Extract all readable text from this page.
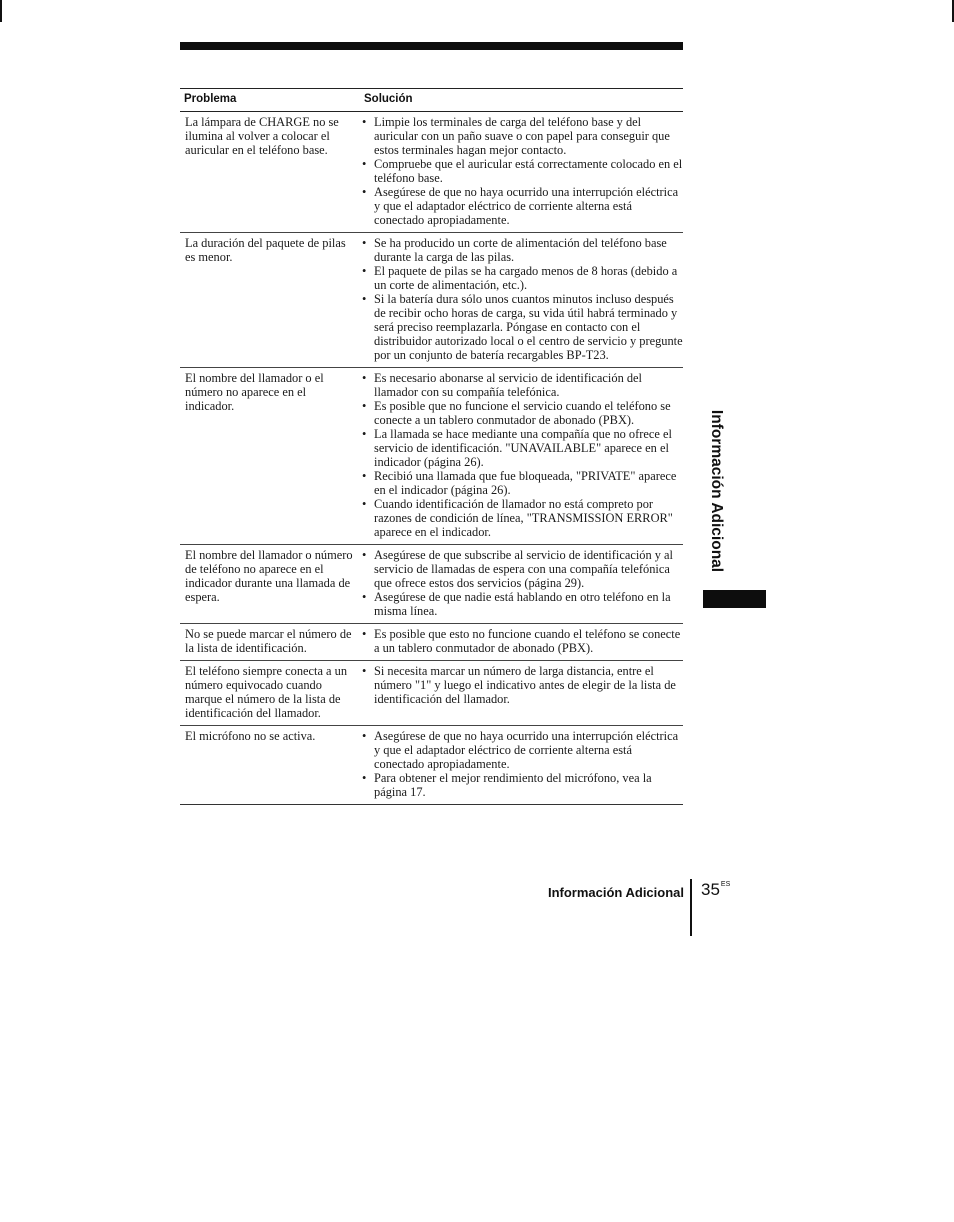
Problema	Solución
La lámpara de CHARGE no se ilumina al volver a colocar el auricular en el teléfono base.
• Limpie los terminales de carga del teléfono base y del auricular con un paño suave o con papel para conseguir que estos terminales hagan mejor contacto.
• Compruebe que el auricular está correctamente colocado en el teléfono base.
• Asegúrese de que no haya ocurrido una interrupción eléctrica y que el adaptador eléctrico de corriente alterna está conectado apropiadamente.
La duración del paquete de pilas es menor.
• Se ha producido un corte de alimentación del teléfono base durante la carga de las pilas.
• El paquete de pilas se ha cargado menos de 8 horas (debido a un corte de alimentación, etc.).
• Si la batería dura sólo unos cuantos minutos incluso después de recibir ocho horas de carga, su vida útil habrá terminado y será preciso reemplazarla. Póngase en contacto con el distribuidor autorizado local o el centro de servicio y pregunte por un conjunto de batería recargables BP-T23.
El nombre del llamador o el número no aparece en el indicador.
• Es necesario abonarse al servicio de identificación del llamador con su compañía telefónica.
• Es posible que no funcione el servicio cuando el teléfono se conecte a un tablero conmutador de abonado (PBX).
• La llamada se hace mediante una compañía que no ofrece el servicio de identificación. "UNAVAILABLE" aparece en el indicador (página 26).
• Recibió una llamada que fue bloqueada, "PRIVATE" aparece en el indicador (página 26).
• Cuando identificación de llamador no está compreto por razones de condición de línea, "TRANSMISSION ERROR" aparece en el indicador.
El nombre del llamador o número de teléfono no aparece en el indicador durante una llamada de espera.
• Asegúrese de que subscribe al servicio de identificación y al servicio de llamadas de espera con una compañía telefónica que ofrece estos dos servicios (página 29).
• Asegúrese de que nadie está hablando en otro teléfono en la misma línea.
No se puede marcar el número de la lista de identificación.
• Es posible que esto no funcione cuando el teléfono se conecte a un tablero conmutador de abonado (PBX).
El teléfono siempre conecta a un número equivocado cuando marque el número de la lista de identificación del llamador.
• Si necesita marcar un número de larga distancia, entre el número "1" y luego el indicativo antes de elegir de la lista de identificación del llamador.
El micrófono no se activa.
•	Asegúrese de que no haya ocurrido una interrupción eléctrica y que el adaptador eléctrico de corriente alterna está conectado apropiadamente.
• Para obtener el mejor rendimiento del micrófono, vea la página 17.
Información Adicional
Información Adicional $35^{ES}$
